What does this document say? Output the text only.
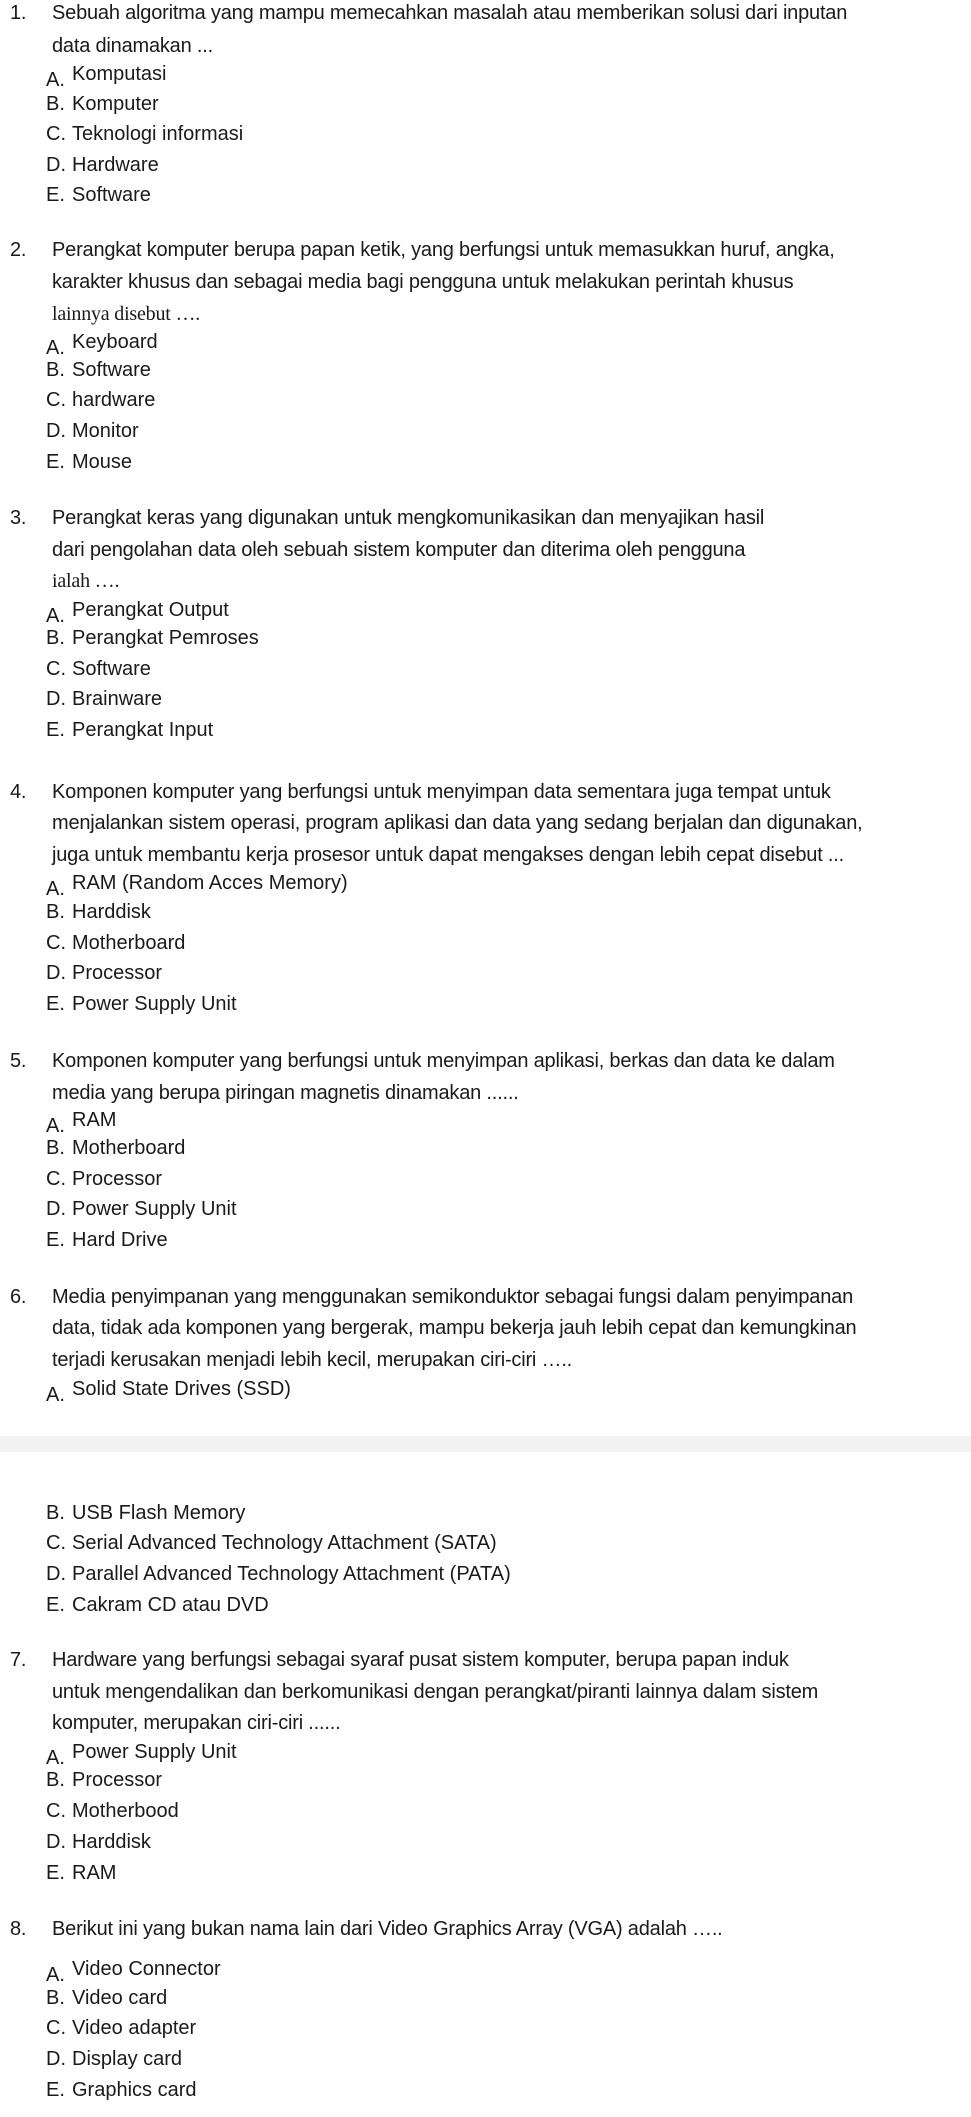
1. Sebuah algoritma yang mampu memecahkan masalah atau memberikan solusi dari inputan
data dinamakan ...
A. Komputasi
B. Komputer
C. Teknologi informasi
D. Hardware
E. Software
2. Perangkat komputer berupa papan ketik, yang berfungsi untuk memasukkan huruf, angka,
karakter khusus dan sebagai media bagi pengguna untuk melakukan perintah khusus
lainnya disebut ….
A. Keyboard
B. Software
C. hardware
D. Monitor
E. Mouse
3. Perangkat keras yang digunakan untuk mengkomunikasikan dan menyajikan hasil
dari pengolahan data oleh sebuah sistem komputer dan diterima oleh pengguna
ialah ….
A. Perangkat Output
B. Perangkat Pemroses
C. Software
D. Brainware
E. Perangkat Input
4. Komponen komputer yang berfungsi untuk menyimpan data sementara juga tempat untuk
menjalankan sistem operasi, program aplikasi dan data yang sedang berjalan dan digunakan,
juga untuk membantu kerja prosesor untuk dapat mengakses dengan lebih cepat disebut ...
A. RAM (Random Acces Memory)
B. Harddisk
C. Motherboard
D. Processor
E. Power Supply Unit
5. Komponen komputer yang berfungsi untuk menyimpan aplikasi, berkas dan data ke dalam
media yang berupa piringan magnetis dinamakan ......
A. RAM
B. Motherboard
C. Processor
D. Power Supply Unit
E. Hard Drive
6. Media penyimpanan yang menggunakan semikonduktor sebagai fungsi dalam penyimpanan
data, tidak ada komponen yang bergerak, mampu bekerja jauh lebih cepat dan kemungkinan
terjadi kerusakan menjadi lebih kecil, merupakan ciri-ciri …..
A. Solid State Drives (SSD)
B. USB Flash Memory
C. Serial Advanced Technology Attachment (SATA)
D. Parallel Advanced Technology Attachment (PATA)
E. Cakram CD atau DVD
7. Hardware yang berfungsi sebagai syaraf pusat sistem komputer, berupa papan induk
untuk mengendalikan dan berkomunikasi dengan perangkat/piranti lainnya dalam sistem
komputer, merupakan ciri-ciri ......
A. Power Supply Unit
B. Processor
C. Motherbood
D. Harddisk
E. RAM
8. Berikut ini yang bukan nama lain dari Video Graphics Array (VGA) adalah …..
A. Video Connector
B. Video card
C. Video adapter
D. Display card
E. Graphics card
